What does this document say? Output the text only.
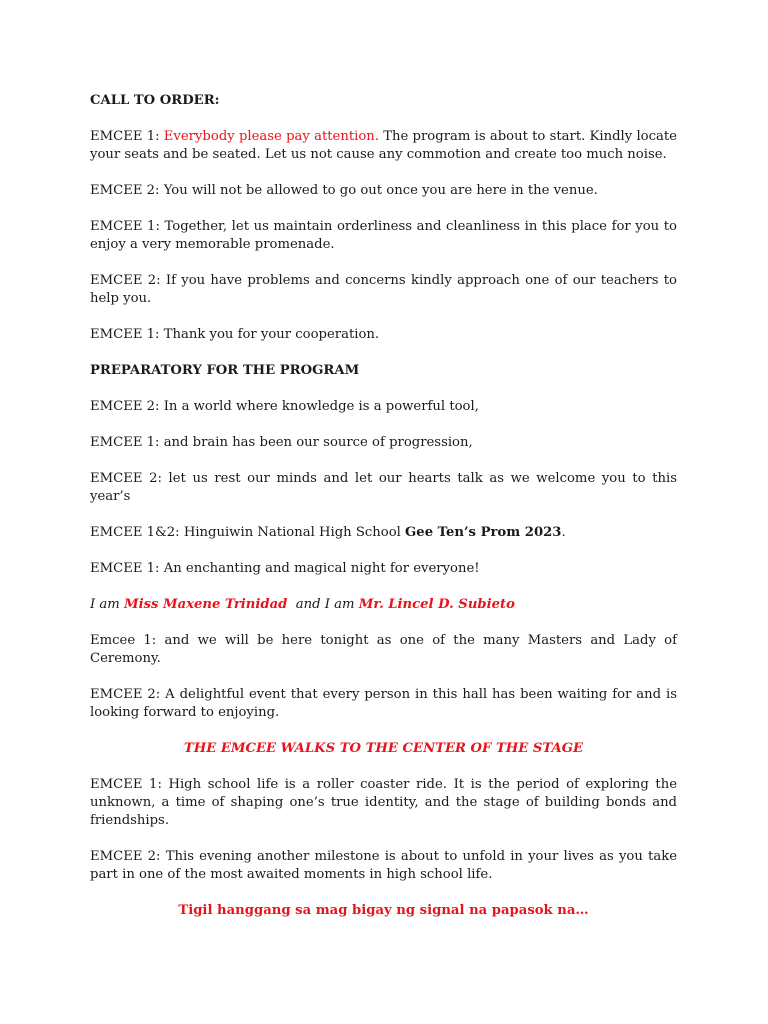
CALL TO ORDER:

EMCEE 1: Everybody please pay attention. The program is about to start. Kindly locate your seats and be seated. Let us not cause any commotion and create too much noise.

EMCEE 2: You will not be allowed to go out once you are here in the venue.

EMCEE 1: Together, let us maintain orderliness and cleanliness in this place for you to enjoy a very memorable promenade.

EMCEE 2: If you have problems and concerns kindly approach one of our teachers to help you.

EMCEE 1: Thank you for your cooperation.

PREPARATORY FOR THE PROGRAM

EMCEE 2: In a world where knowledge is a powerful tool,

EMCEE 1: and brain has been our source of progression,

EMCEE 2: let us rest our minds and let our hearts talk as we welcome you to this year’s

EMCEE 1&2: Hinguiwin National High School Gee Ten’s Prom 2023.

EMCEE 1: An enchanting and magical night for everyone!

I am Miss Maxene Trinidad  and I am Mr. Lincel D. Subieto

Emcee 1: and we will be here tonight as one of the many Masters and Lady of Ceremony.

EMCEE 2: A delightful event that every person in this hall has been waiting for and is looking forward to enjoying.

THE EMCEE WALKS TO THE CENTER OF THE STAGE

EMCEE 1: High school life is a roller coaster ride. It is the period of exploring the unknown, a time of shaping one’s true identity, and the stage of building bonds and friendships.

EMCEE 2: This evening another milestone is about to unfold in your lives as you take part in one of the most awaited moments in high school life.

Tigil hanggang sa mag bigay ng signal na papasok na…
